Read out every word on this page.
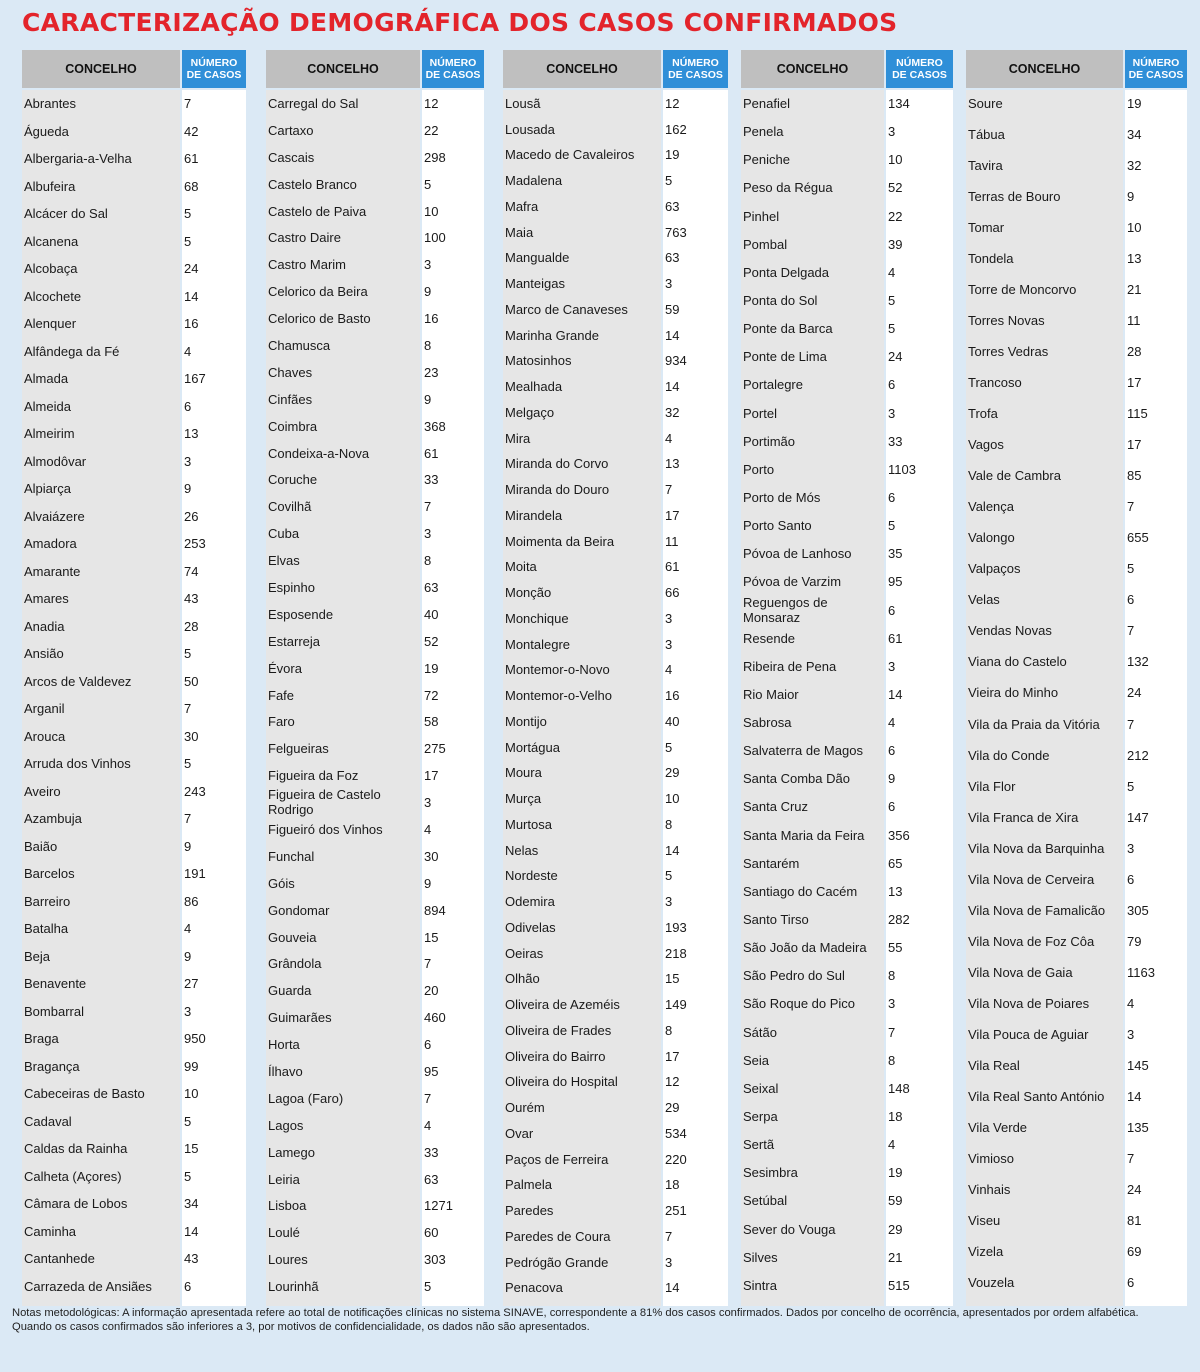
CARACTERIZAÇÃO DEMOGRÁFICA DOS CASOS CONFIRMADOS
CONCELHO	NÚMERO
DE CASOS
Abrantes	7
Águeda	42
Albergaria-a-Velha	61
Albufeira	68
Alcácer do Sal	5
Alcanena	5
Alcobaça	24
Alcochete	14
Alenquer	16
Alfândega da Fé	4
Almada	167
Almeida	6
Almeirim	13
Almodôvar	3
Alpiarça	9
Alvaiázere	26
Amadora	253
Amarante	74
Amares	43
Anadia	28
Ansião	5
Arcos de Valdevez	50
Arganil	7
Arouca	30
Arruda dos Vinhos	5
Aveiro	243
Azambuja	7
Baião	9
Barcelos	191
Barreiro	86
Batalha	4
Beja	9
Benavente	27
Bombarral	3
Braga	950
Bragança	99
Cabeceiras de Basto	10
Cadaval	5
Caldas da Rainha	15
Calheta (Açores)	5
Câmara de Lobos	34
Caminha	14
Cantanhede	43
Carrazeda de Ansiães	6
CONCELHO	NÚMERO
DE CASOS
Carregal do Sal	12
Cartaxo	22
Cascais	298
Castelo Branco	5
Castelo de Paiva	10
Castro Daire	100
Castro Marim	3
Celorico da Beira	9
Celorico de Basto	16
Chamusca	8
Chaves	23
Cinfães	9
Coimbra	368
Condeixa-a-Nova	61
Coruche	33
Covilhã	7
Cuba	3
Elvas	8
Espinho	63
Esposende	40
Estarreja	52
Évora	19
Fafe	72
Faro	58
Felgueiras	275
Figueira da Foz	17
Figueira de Castelo Rodrigo	3
Figueiró dos Vinhos	4
Funchal	30
Góis	9
Gondomar	894
Gouveia	15
Grândola	7
Guarda	20
Guimarães	460
Horta	6
Ílhavo	95
Lagoa (Faro)	7
Lagos	4
Lamego	33
Leiria	63
Lisboa	1271
Loulé	60
Loures	303
Lourinhã	5
CONCELHO	NÚMERO
DE CASOS
Lousã	12
Lousada	162
Macedo de Cavaleiros	19
Madalena	5
Mafra	63
Maia	763
Mangualde	63
Manteigas	3
Marco de Canaveses	59
Marinha Grande	14
Matosinhos	934
Mealhada	14
Melgaço	32
Mira	4
Miranda do Corvo	13
Miranda do Douro	7
Mirandela	17
Moimenta da Beira	11
Moita	61
Monção	66
Monchique	3
Montalegre	3
Montemor-o-Novo	4
Montemor-o-Velho	16
Montijo	40
Mortágua	5
Moura	29
Murça	10
Murtosa	8
Nelas	14
Nordeste	5
Odemira	3
Odivelas	193
Oeiras	218
Olhão	15
Oliveira de Azeméis	149
Oliveira de Frades	8
Oliveira do Bairro	17
Oliveira do Hospital	12
Ourém	29
Ovar	534
Paços de Ferreira	220
Palmela	18
Paredes	251
Paredes de Coura	7
Pedrógão Grande	3
Penacova	14
CONCELHO	NÚMERO
DE CASOS
Penafiel	134
Penela	3
Peniche	10
Peso da Régua	52
Pinhel	22
Pombal	39
Ponta Delgada	4
Ponta do Sol	5
Ponte da Barca	5
Ponte de Lima	24
Portalegre	6
Portel	3
Portimão	33
Porto	1103
Porto de Mós	6
Porto Santo	5
Póvoa de Lanhoso	35
Póvoa de Varzim	95
Reguengos de Monsaraz	6
Resende	61
Ribeira de Pena	3
Rio Maior	14
Sabrosa	4
Salvaterra de Magos	6
Santa Comba Dão	9
Santa Cruz	6
Santa Maria da Feira	356
Santarém	65
Santiago do Cacém	13
Santo Tirso	282
São João da Madeira	55
São Pedro do Sul	8
São Roque do Pico	3
Sátão	7
Seia	8
Seixal	148
Serpa	18
Sertã	4
Sesimbra	19
Setúbal	59
Sever do Vouga	29
Silves	21
Sintra	515
CONCELHO	NÚMERO
DE CASOS
Soure	19
Tábua	34
Tavira	32
Terras de Bouro	9
Tomar	10
Tondela	13
Torre de Moncorvo	21
Torres Novas	11
Torres Vedras	28
Trancoso	17
Trofa	115
Vagos	17
Vale de Cambra	85
Valença	7
Valongo	655
Valpaços	5
Velas	6
Vendas Novas	7
Viana do Castelo	132
Vieira do Minho	24
Vila da Praia da Vitória	7
Vila do Conde	212
Vila Flor	5
Vila Franca de Xira	147
Vila Nova da Barquinha	3
Vila Nova de Cerveira	6
Vila Nova de Famalicão	305
Vila Nova de Foz Côa	79
Vila Nova de Gaia	1163
Vila Nova de Poiares	4
Vila Pouca de Aguiar	3
Vila Real	145
Vila Real Santo António	14
Vila Verde	135
Vimioso	7
Vinhais	24
Viseu	81
Vizela	69
Vouzela	6

Notas metodológicas: A informação apresentada refere ao total de notificações clínicas no sistema SINAVE, correspondente a 81% dos casos confirmados. Dados por concelho de ocorrência, apresentados por ordem alfabética.

Quando os casos confirmados são inferiores a 3, por motivos de confidencialidade, os dados não são apresentados.
